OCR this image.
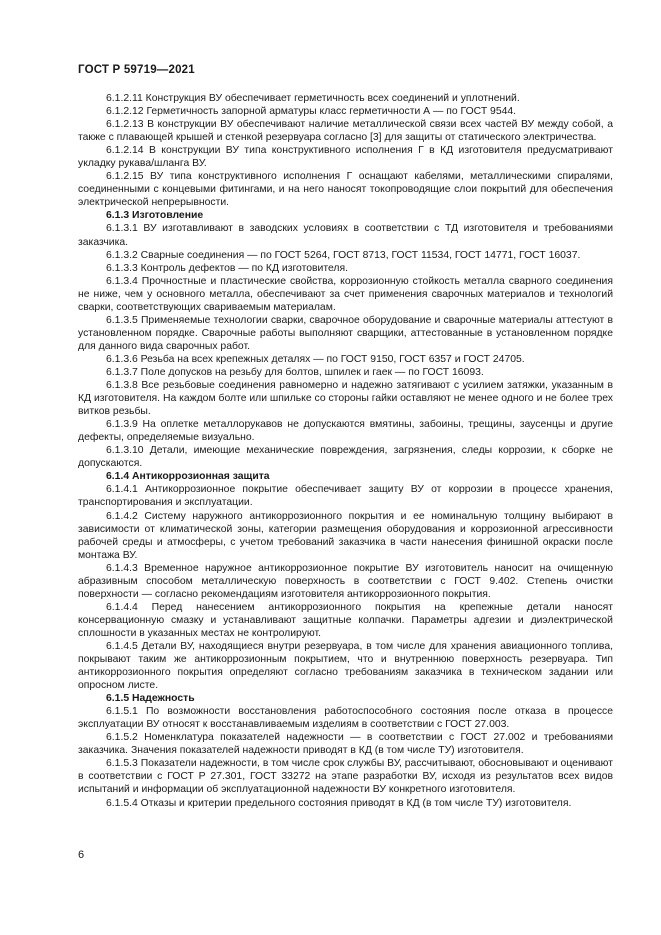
ГОСТ Р 59719—2021

6.1.2.11 Конструкция ВУ обеспечивает герметичность всех соединений и уплотнений.

6.1.2.12 Герметичность запорной арматуры класс герметичности А — по ГОСТ 9544.

6.1.2.13 В конструкции ВУ обеспечивают наличие металлической связи всех частей ВУ между собой, а также с плавающей крышей и стенкой резервуара согласно [3] для защиты от статического электричества.

6.1.2.14 В конструкции ВУ типа конструктивного исполнения Г в КД изготовителя предусматривают укладку рукава/шланга ВУ.

6.1.2.15 ВУ типа конструктивного исполнения Г оснащают кабелями, металлическими спиралями, соединенными с концевыми фитингами, и на него наносят токопроводящие слои покрытий для обеспечения электрической непрерывности.

6.1.3 Изготовление

6.1.3.1 ВУ изготавливают в заводских условиях в соответствии с ТД изготовителя и требованиями заказчика.

6.1.3.2 Сварные соединения — по ГОСТ 5264, ГОСТ 8713, ГОСТ 11534, ГОСТ 14771, ГОСТ 16037.

6.1.3.3 Контроль дефектов — по КД изготовителя.

6.1.3.4 Прочностные и пластические свойства, коррозионную стойкость металла сварного соединения не ниже, чем у основного металла, обеспечивают за счет применения сварочных материалов и технологий сварки, соответствующих свариваемым материалам.

6.1.3.5 Применяемые технологии сварки, сварочное оборудование и сварочные материалы аттестуют в установленном порядке. Сварочные работы выполняют сварщики, аттестованные в установленном порядке для данного вида сварочных работ.

6.1.3.6 Резьба на всех крепежных деталях — по ГОСТ 9150, ГОСТ 6357 и ГОСТ 24705.

6.1.3.7 Поле допусков на резьбу для болтов, шпилек и гаек — по ГОСТ 16093.

6.1.3.8 Все резьбовые соединения равномерно и надежно затягивают с усилием затяжки, указанным в КД изготовителя. На каждом болте или шпильке со стороны гайки оставляют не менее одного и не более трех витков резьбы.

6.1.3.9 На оплетке металлорукавов не допускаются вмятины, забоины, трещины, заусенцы и другие дефекты, определяемые визуально.

6.1.3.10 Детали, имеющие механические повреждения, загрязнения, следы коррозии, к сборке не допускаются.

6.1.4 Антикоррозионная защита

6.1.4.1 Антикоррозионное покрытие обеспечивает защиту ВУ от коррозии в процессе хранения, транспортирования и эксплуатации.

6.1.4.2 Систему наружного антикоррозионного покрытия и ее номинальную толщину выбирают в зависимости от климатической зоны, категории размещения оборудования и коррозионной агрессивности рабочей среды и атмосферы, с учетом требований заказчика в части нанесения финишной окраски после монтажа ВУ.

6.1.4.3 Временное наружное антикоррозионное покрытие ВУ изготовитель наносит на очищенную абразивным способом металлическую поверхность в соответствии с ГОСТ 9.402. Степень очистки поверхности — согласно рекомендациям изготовителя антикоррозионного покрытия.

6.1.4.4 Перед нанесением антикоррозионного покрытия на крепежные детали наносят консервационную смазку и устанавливают защитные колпачки. Параметры адгезии и диэлектрической сплошности в указанных местах не контролируют.

6.1.4.5 Детали ВУ, находящиеся внутри резервуара, в том числе для хранения авиационного топлива, покрывают таким же антикоррозионным покрытием, что и внутреннюю поверхность резервуара. Тип антикоррозионного покрытия определяют согласно требованиям заказчика в техническом задании или опросном листе.

6.1.5 Надежность

6.1.5.1 По возможности восстановления работоспособного состояния после отказа в процессе эксплуатации ВУ относят к восстанавливаемым изделиям в соответствии с ГОСТ 27.003.

6.1.5.2 Номенклатура показателей надежности — в соответствии с ГОСТ 27.002 и требованиями заказчика. Значения показателей надежности приводят в КД (в том числе ТУ) изготовителя.

6.1.5.3 Показатели надежности, в том числе срок службы ВУ, рассчитывают, обосновывают и оценивают в соответствии с ГОСТ Р 27.301, ГОСТ 33272 на этапе разработки ВУ, исходя из результатов всех видов испытаний и информации об эксплуатационной надежности ВУ конкретного изготовителя.

6.1.5.4 Отказы и критерии предельного состояния приводят в КД (в том числе ТУ) изготовителя.

6
